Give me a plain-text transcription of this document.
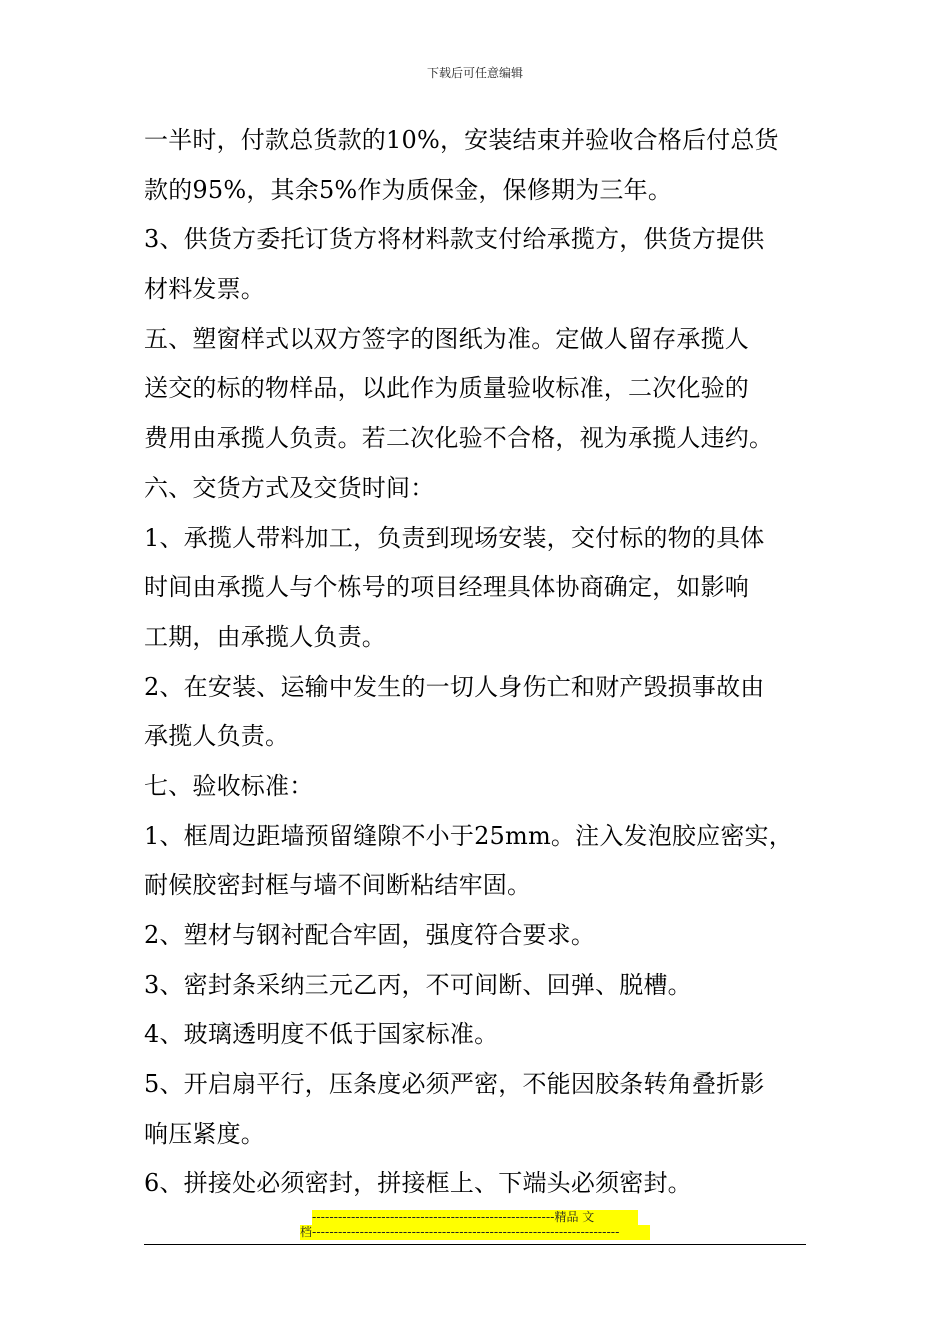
下载后可任意编辑
一半时，付款总货款的10%，安装结束并验收合格后付总货
款的95%，其余5%作为质保金，保修期为三年。
3、供货方委托订货方将材料款支付给承揽方，供货方提供
材料发票。
五、塑窗样式以双方签字的图纸为准。定做人留存承揽人
送交的标的物样品，以此作为质量验收标准，二次化验的
费用由承揽人负责。若二次化验不合格，视为承揽人违约。
六、交货方式及交货时间：
1、承揽人带料加工，负责到现场安装，交付标的物的具体
时间由承揽人与个栋号的项目经理具体协商确定，如影响
工期，由承揽人负责。
2、在安装、运输中发生的一切人身伤亡和财产毁损事故由
承揽人负责。
七、验收标准：
1、框周边距墙预留缝隙不小于25mm。注入发泡胶应密实，
耐候胶密封框与墙不间断粘结牢固。
2、塑材与钢衬配合牢固，强度符合要求。
3、密封条采纳三元乙丙，不可间断、回弹、脱槽。
4、玻璃透明度不低于国家标准。
5、开启扇平行，压条度必须严密，不能因胶条转角叠折影
响压紧度。
6、拼接处必须密封，拼接框上、下端头必须密封。
--------------------------------------------------------精品 文
档-----------------------------------------------------------------------
